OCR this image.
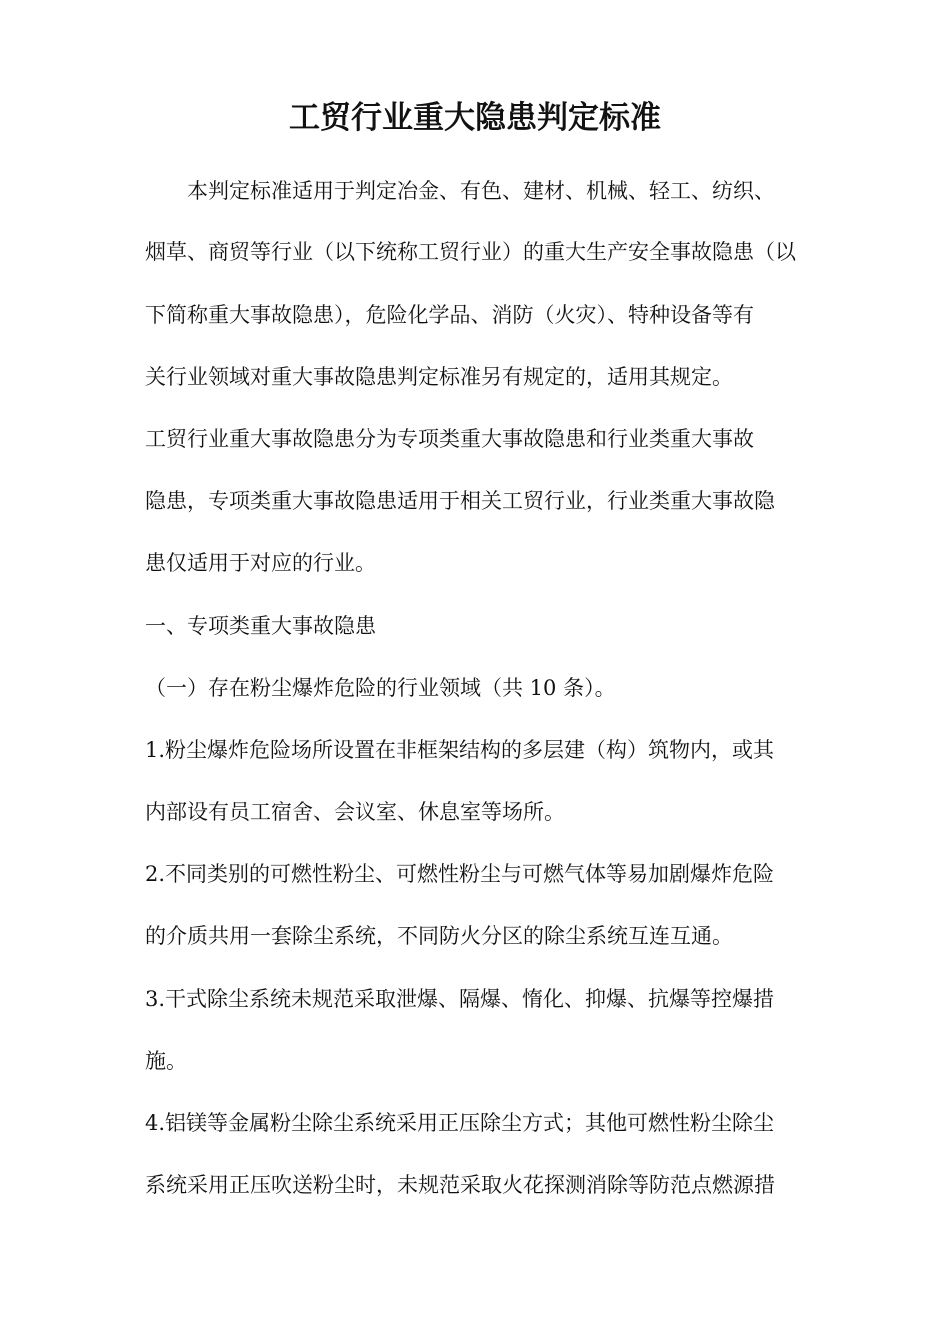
工贸行业重大隐患判定标准
本判定标准适用于判定冶金、有色、建材、机械、轻工、纺织、
烟草、商贸等行业（以下统称工贸行业）的重大生产安全事故隐患（以
下简称重大事故隐患），危险化学品、消防（火灾）、特种设备等有
关行业领域对重大事故隐患判定标准另有规定的，适用其规定。
工贸行业重大事故隐患分为专项类重大事故隐患和行业类重大事故
隐患，专项类重大事故隐患适用于相关工贸行业，行业类重大事故隐
患仅适用于对应的行业。
一、专项类重大事故隐患
（一）存在粉尘爆炸危险的行业领域（共 10 条）。
1.粉尘爆炸危险场所设置在非框架结构的多层建（构）筑物内，或其
内部设有员工宿舍、会议室、休息室等场所。
2.不同类别的可燃性粉尘、可燃性粉尘与可燃气体等易加剧爆炸危险
的介质共用一套除尘系统，不同防火分区的除尘系统互连互通。
3.干式除尘系统未规范采取泄爆、隔爆、惰化、抑爆、抗爆等控爆措
施。
4.铝镁等金属粉尘除尘系统采用正压除尘方式；其他可燃性粉尘除尘
系统采用正压吹送粉尘时，未规范采取火花探测消除等防范点燃源措
